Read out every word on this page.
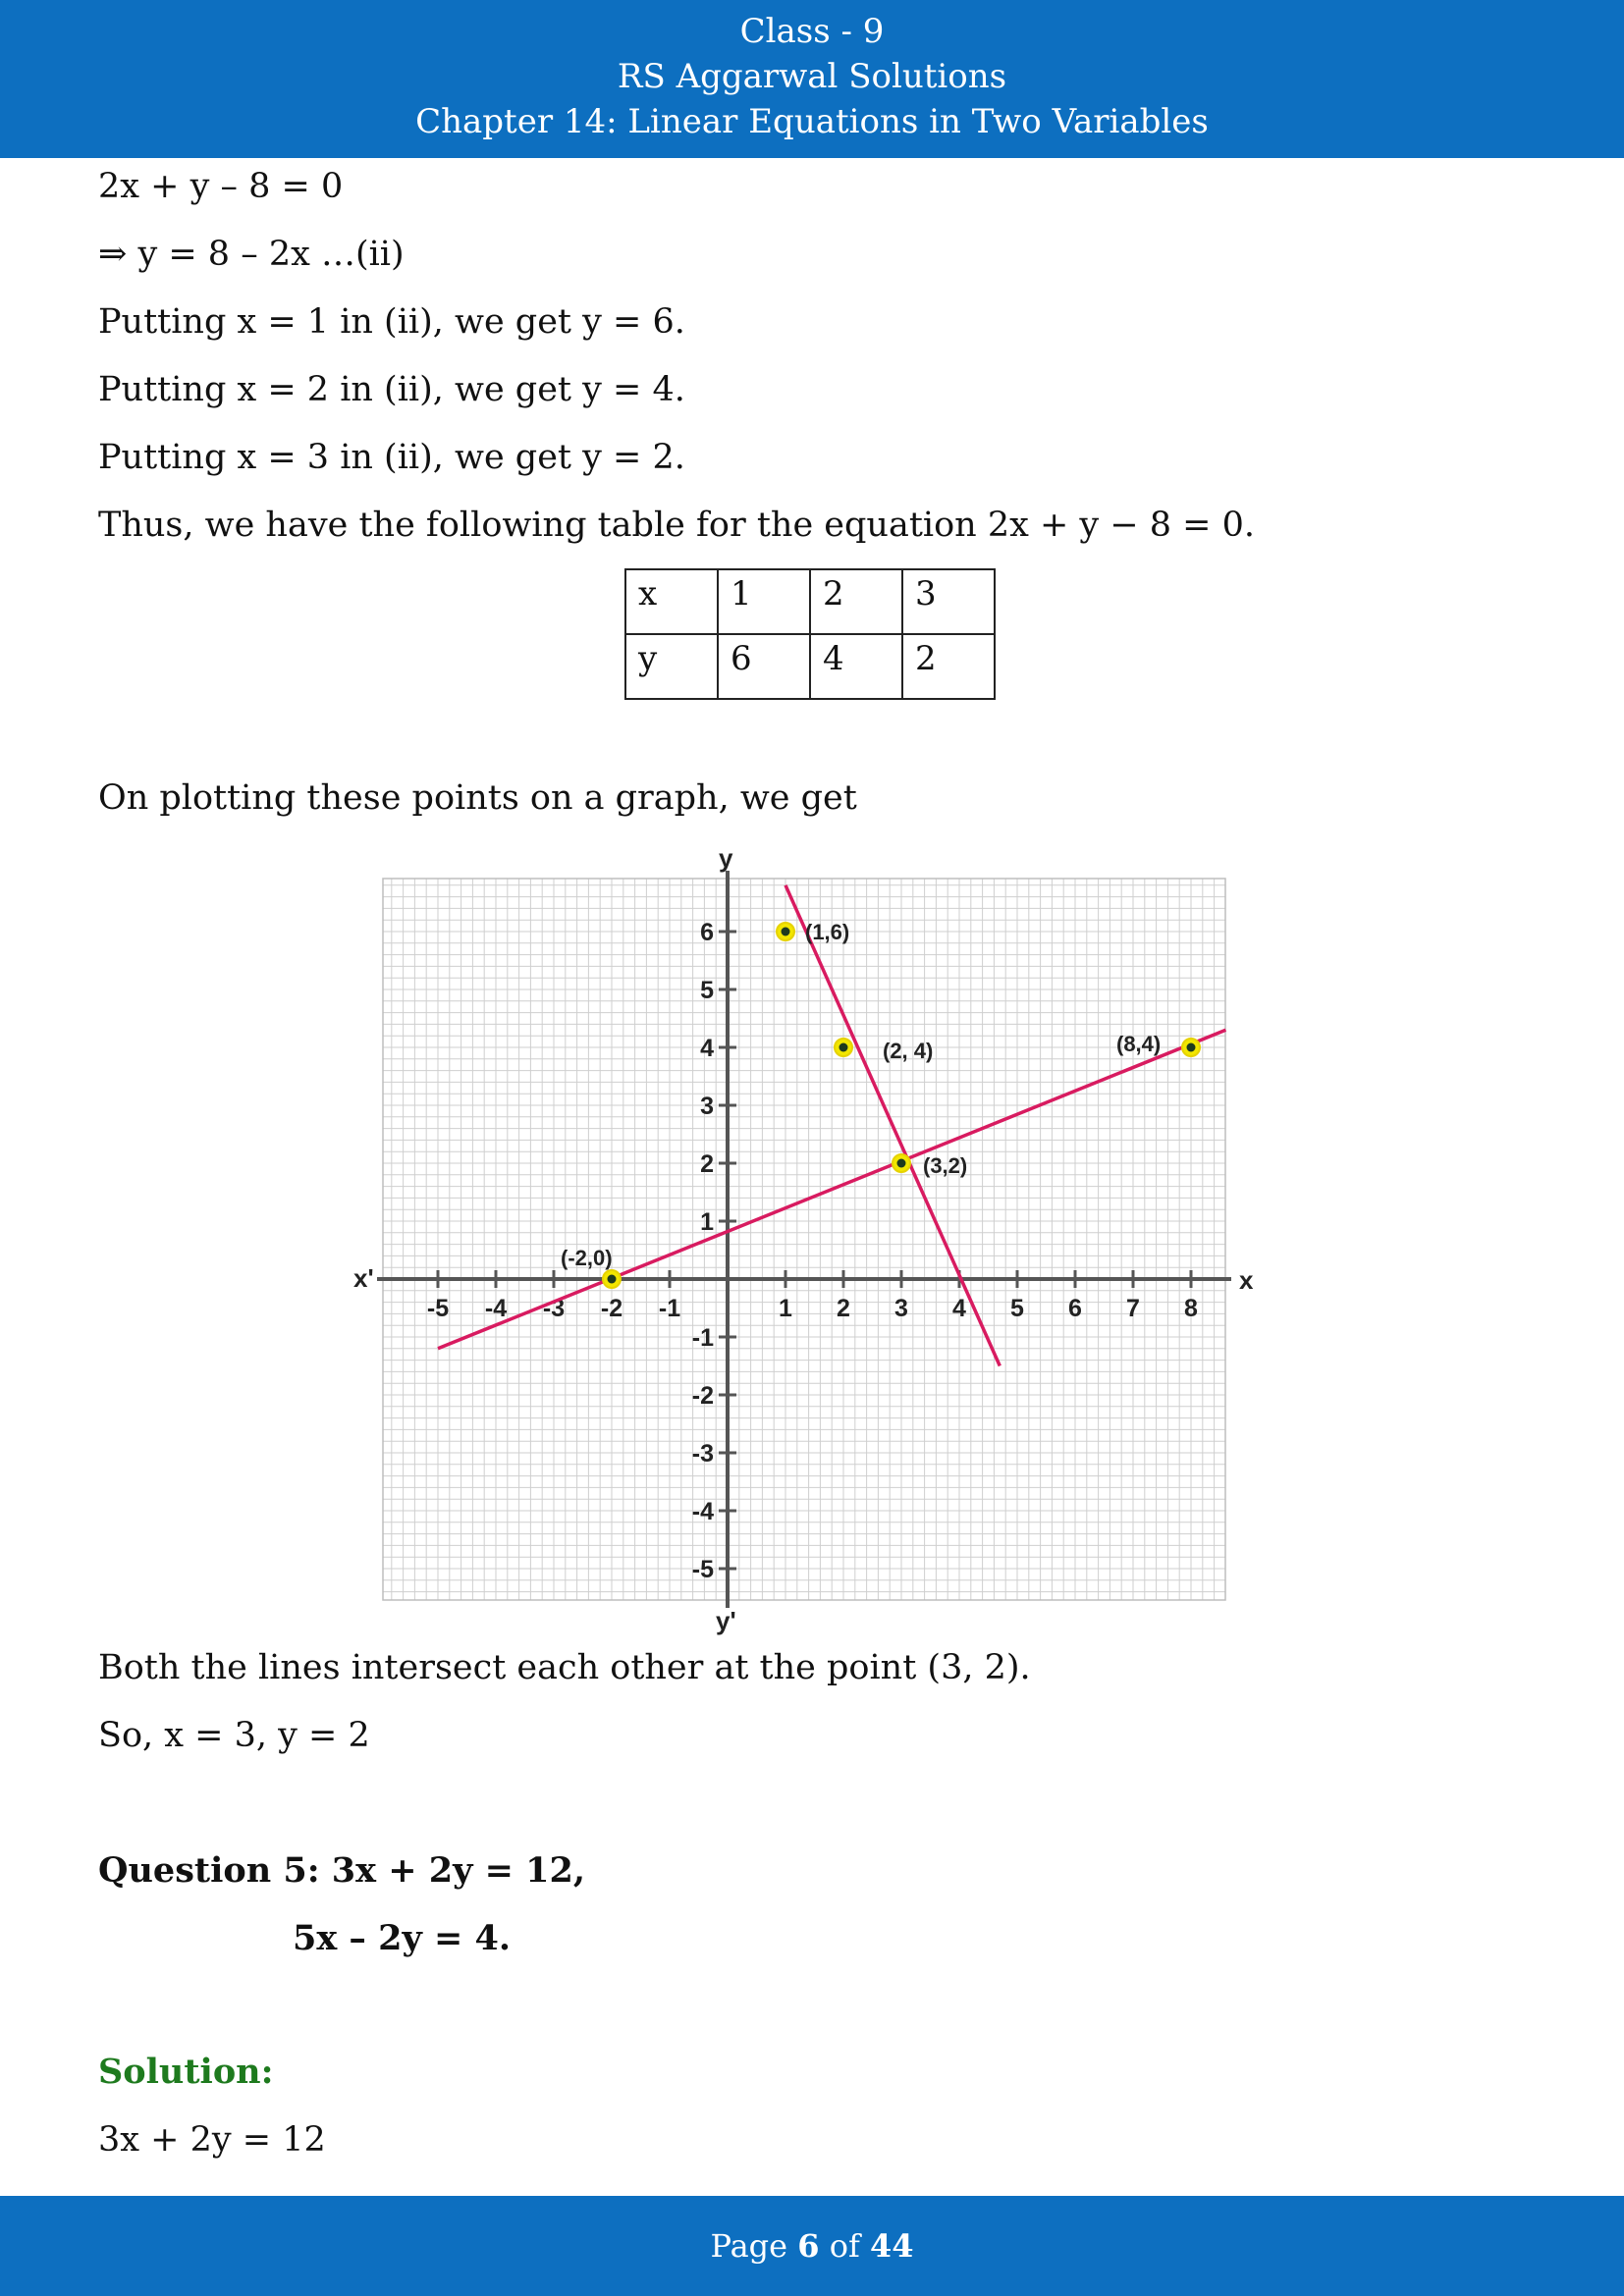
Class - 9
RS Aggarwal Solutions
Chapter 14: Linear Equations in Two Variables
2x + y – 8 = 0
⇒ y = 8 – 2x …(ii)
Putting x = 1 in (ii), we get y = 6.
Putting x = 2 in (ii), we get y = 4.
Putting x = 3 in (ii), we get y = 2.
Thus, we have the following table for the equation 2x + y − 8 = 0.
On plotting these points on a graph, we get
Both the lines intersect each other at the point (3, 2).
So, x = 3, y = 2
Question 5: 3x + 2y = 12,
5x – 2y = 4.
Solution:
3x + 2y = 12
x	1	2	3
y	6	4	2
x
x'
y
y'
-5 -4 -3 -2 -1	1 2 3 4 5 6 7 8
-5
-4
-3
-2
-1
1
2
3
4
5
6	(1,6)
(2, 4)
(3,2)
(8,4)
(-2,0)
Page 6 of 44
